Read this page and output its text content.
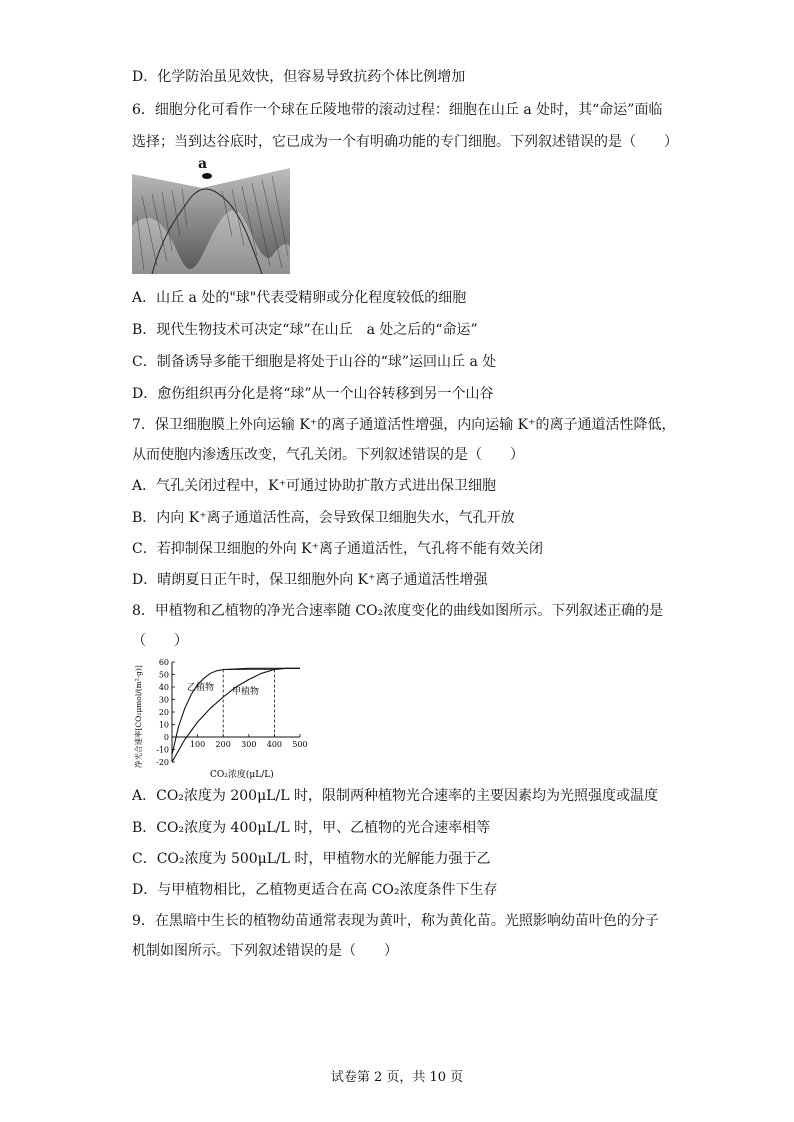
D．化学防治虽见效快，但容易导致抗药个体比例增加
6．细胞分化可看作一个球在丘陵地带的滚动过程：细胞在山丘 a 处时，其“命运”面临
选择；当到达谷底时，它已成为一个有明确功能的专门细胞。下列叙述错误的是（　　）
a
A．山丘 a 处的"球"代表受精卵或分化程度较低的细胞
B．现代生物技术可决定“球”在山丘　a 处之后的“命运”
C．制备诱导多能干细胞是将处于山谷的“球”运回山丘 a 处
D．愈伤组织再分化是将“球”从一个山谷转移到另一个山谷
7．保卫细胞膜上外向运输 K⁺的离子通道活性增强，内向运输 K⁺的离子通道活性降低，
从而使胞内渗透压改变，气孔关闭。下列叙述错误的是（　　）
A．气孔关闭过程中，K⁺可通过协助扩散方式进出保卫细胞
B．内向 K⁺离子通道活性高，会导致保卫细胞失水，气孔开放
C．若抑制保卫细胞的外向 K⁺离子通道活性，气孔将不能有效关闭
D．晴朗夏日正午时，保卫细胞外向 K⁺离子通道活性增强
8．甲植物和乙植物的净光合速率随 CO₂浓度变化的曲线如图所示。下列叙述正确的是
（　　）
净光合速率[CO₂μmol/(m²·g)]
CO₂浓度(μL/L)
60
50
40
30
20
10
0
-10
-20
100 200 300 400 500
乙植物 甲植物
A．CO₂浓度为 200μL/L 时，限制两种植物光合速率的主要因素均为光照强度或温度
B．CO₂浓度为 400μL/L 时，甲、乙植物的光合速率相等
C．CO₂浓度为 500μL/L 时，甲植物水的光解能力强于乙
D．与甲植物相比，乙植物更适合在高 CO₂浓度条件下生存
9．在黑暗中生长的植物幼苗通常表现为黄叶，称为黄化苗。光照影响幼苗叶色的分子
机制如图所示。下列叙述错误的是（　　）
试卷第 2 页，共 10 页
